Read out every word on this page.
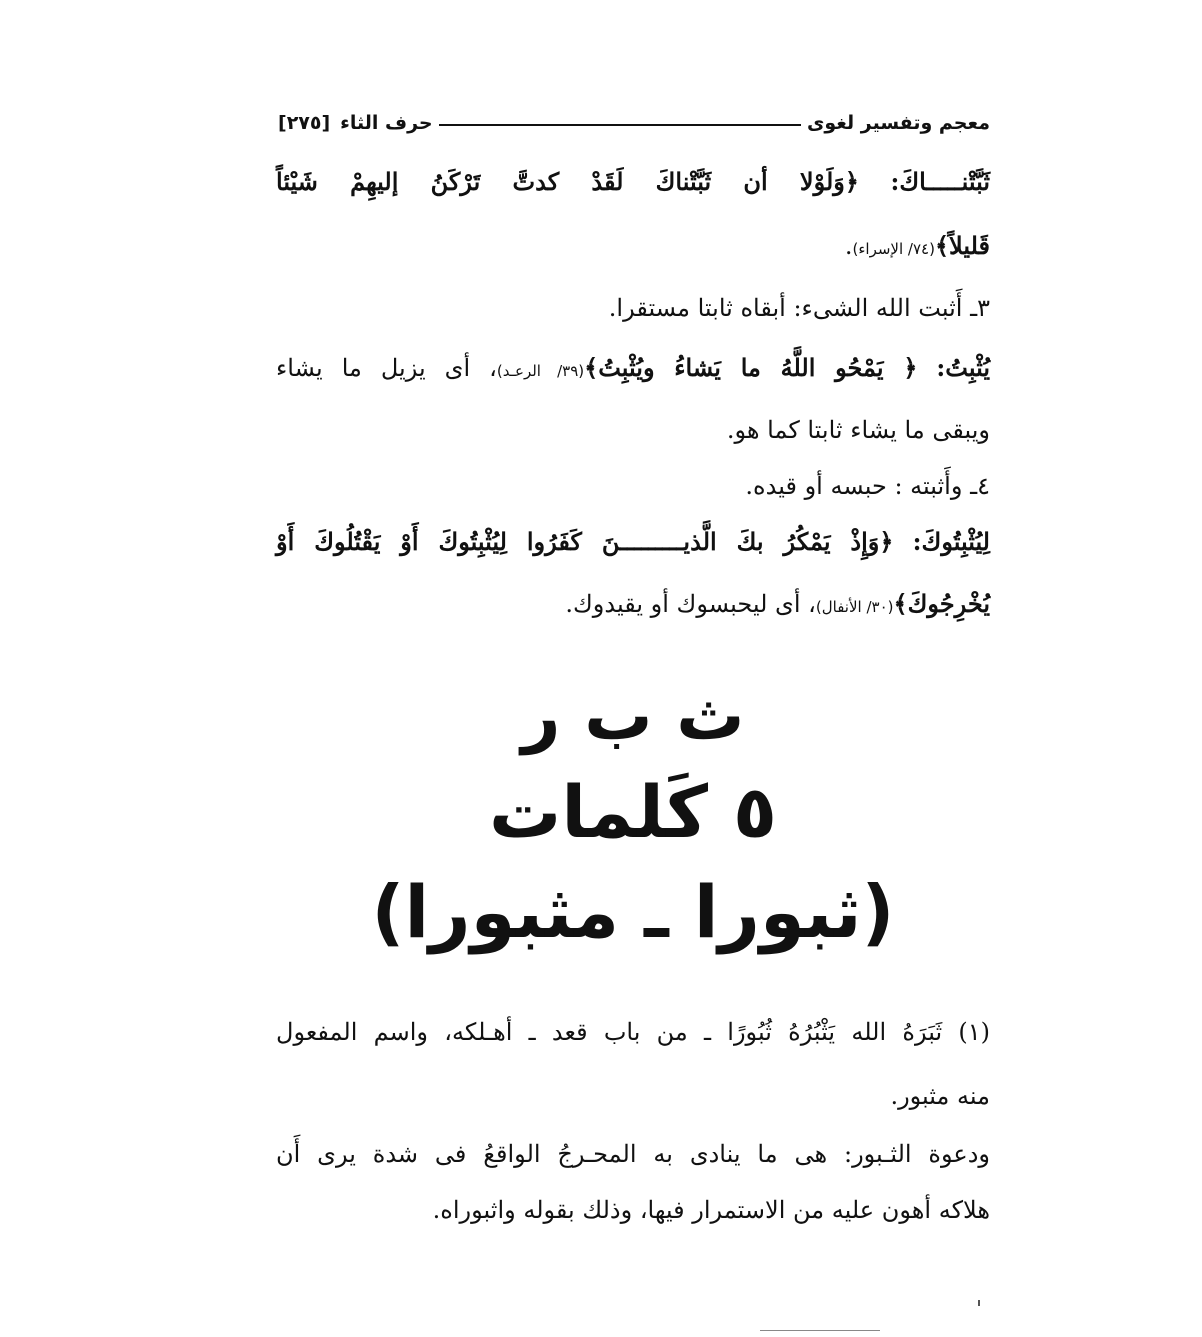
معجم وتفسير لغوى
حرف الثاء
[٢٧٥]
ثَبَّتْنـــــاكَ: ﴿وَلَوْلا أن ثَبَّتْناكَ لَقَدْ كدتَّ تَرْكَنُ إليهِمْ شَيْئاً
قَليلاً﴾(٧٤/ الإسراء).
٣ـ أَثبت الله الشىء: أبقاه ثابتا مستقرا.
يُثْبِتُ: ﴿ يَمْحُو اللَّهُ ما يَشاءُ ويُثْبِتُ﴾(٣٩/ الرعـد)، أى يزيل ما يشاء
ويبقى ما يشاء ثابتا كما هو.
٤ـ وأَثبته : حبسه أو قيده.
لِيُثْبِتُوكَ: ﴿وَإِذْ يَمْكُرُ بكَ الَّذيـــــــــنَ كَفَرُوا لِيُثْبِتُوكَ أَوْ يَقْتُلُوكَ أَوْ
يُخْرِجُوكَ﴾(٣٠/ الأنفال)، أى ليحبسوك أو يقيدوك.
ث ب ر
٥ كَلمات
(ثبورا ـ مثبورا)
(١) ثَبَرَهُ الله يَثْبُرُهُ ثُبُورًا ـ من باب قعد ـ أهـلكه، واسم المفعول
منه مثبور.
ودعوة الثـبور: هى ما ينادى به المحـرجُ الواقعُ فى شدة يرى أَن
هلاكه أهون عليه من الاستمرار فيها، وذلك بقوله واثبوراه.
